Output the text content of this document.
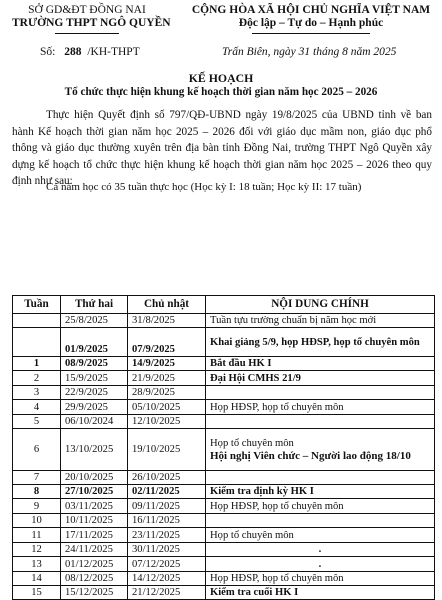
SỞ GD&ĐT ĐỒNG NAI
TRƯỜNG THPT NGÔ QUYỀN
CỘNG HÒA XÃ HỘI CHỦ NGHĨA VIỆT NAM
Độc lập – Tự do – Hạnh phúc
Số: 288 /KH-THPT	Trấn Biên, ngày 31 tháng 8 năm 2025
KẾ HOẠCH
Tổ chức thực hiện khung kế hoạch thời gian năm học 2025 – 2026
Thực hiện Quyết định số 797/QĐ-UBND ngày 19/8/2025 của UBND tỉnh về ban hành Kế hoạch thời gian năm học 2025 – 2026 đối với giáo dục mầm non, giáo dục phổ thông và giáo dục thường xuyên trên địa bàn tỉnh Đồng Nai, trường THPT Ngô Quyền xây dựng kế hoạch tổ chức thực hiện khung kế hoạch thời gian năm học 2025 – 2026 theo quy định như sau:
Cả năm học có 35 tuần thực học (Học kỳ I: 18 tuần; Học kỳ II: 17 tuần)
Tuần	Thứ hai	Chủ nhật	NỘI DUNG CHÍNH
	25/8/2025	31/8/2025	Tuần tựu trường chuẩn bị năm học mới

	01/9/2025	07/9/2025	Khai giảng 5/9, họp HĐSP, họp tổ chuyên môn

1	08/9/2025	14/9/2025	Bắt đầu HK I

2	15/9/2025	21/9/2025	Đại Hội CMHS 21/9

3	22/9/2025	28/9/2025	

4	29/9/2025	05/10/2025	Họp HĐSP, họp tổ chuyên môn

5	06/10/2024	12/10/2025	

6	13/10/2025	19/10/2025	Họp tổ chuyên môn
Hội nghị Viên chức – Người lao động 18/10

7	20/10/2025	26/10/2025	

8	27/10/2025	02/11/2025	Kiểm tra định kỳ HK I

9	03/11/2025	09/11/2025	Họp HĐSP, họp tổ chuyên môn

10	10/11/2025	16/11/2025	

11	17/11/2025	23/11/2025	Họp tổ chuyên môn

12	24/11/2025	30/11/2025	.

13	01/12/2025	07/12/2025	.

14	08/12/2025	14/12/2025	Họp HĐSP, họp tổ chuyên môn

15	15/12/2025	21/12/2025	Kiểm tra cuối HK I
